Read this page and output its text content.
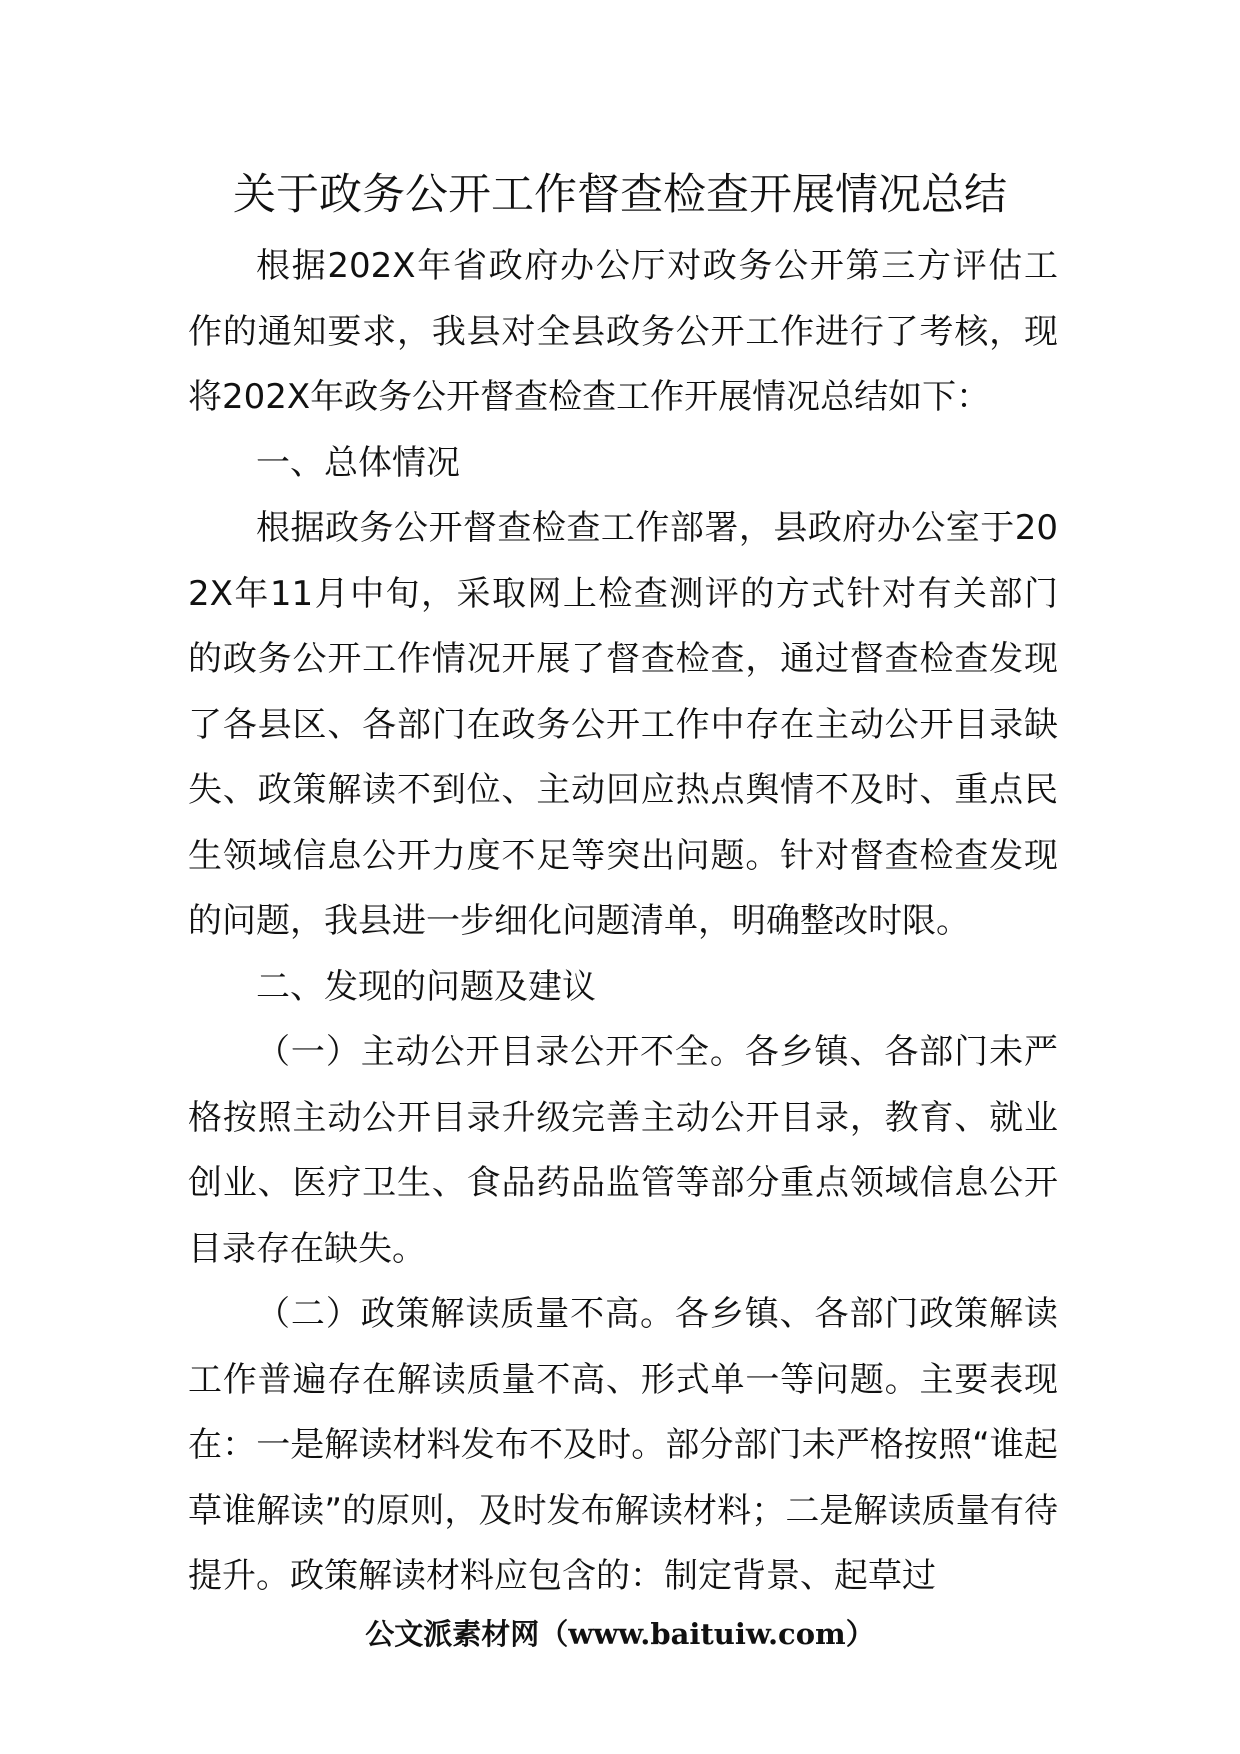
关于政务公开工作督查检查开展情况总结

根据202X年省政府办公厅对政务公开第三方评估工作的通知要求，我县对全县政务公开工作进行了考核，现将202X年政务公开督查检查工作开展情况总结如下：

一、总体情况

根据政务公开督查检查工作部署，县政府办公室于202X年11月中旬，采取网上检查测评的方式针对有关部门的政务公开工作情况开展了督查检查，通过督查检查发现了各县区、各部门在政务公开工作中存在主动公开目录缺失、政策解读不到位、主动回应热点舆情不及时、重点民生领域信息公开力度不足等突出问题。针对督查检查发现的问题，我县进一步细化问题清单，明确整改时限。

二、发现的问题及建议

（一）主动公开目录公开不全。各乡镇、各部门未严格按照主动公开目录升级完善主动公开目录，教育、就业创业、医疗卫生、食品药品监管等部分重点领域信息公开目录存在缺失。

（二）政策解读质量不高。各乡镇、各部门政策解读工作普遍存在解读质量不高、形式单一等问题。主要表现在：一是解读材料发布不及时。部分部门未严格按照“谁起草谁解读”的原则，及时发布解读材料；二是解读质量有待提升。政策解读材料应包含的：制定背景、起草过

公文派素材网（www.baituiw.com）
